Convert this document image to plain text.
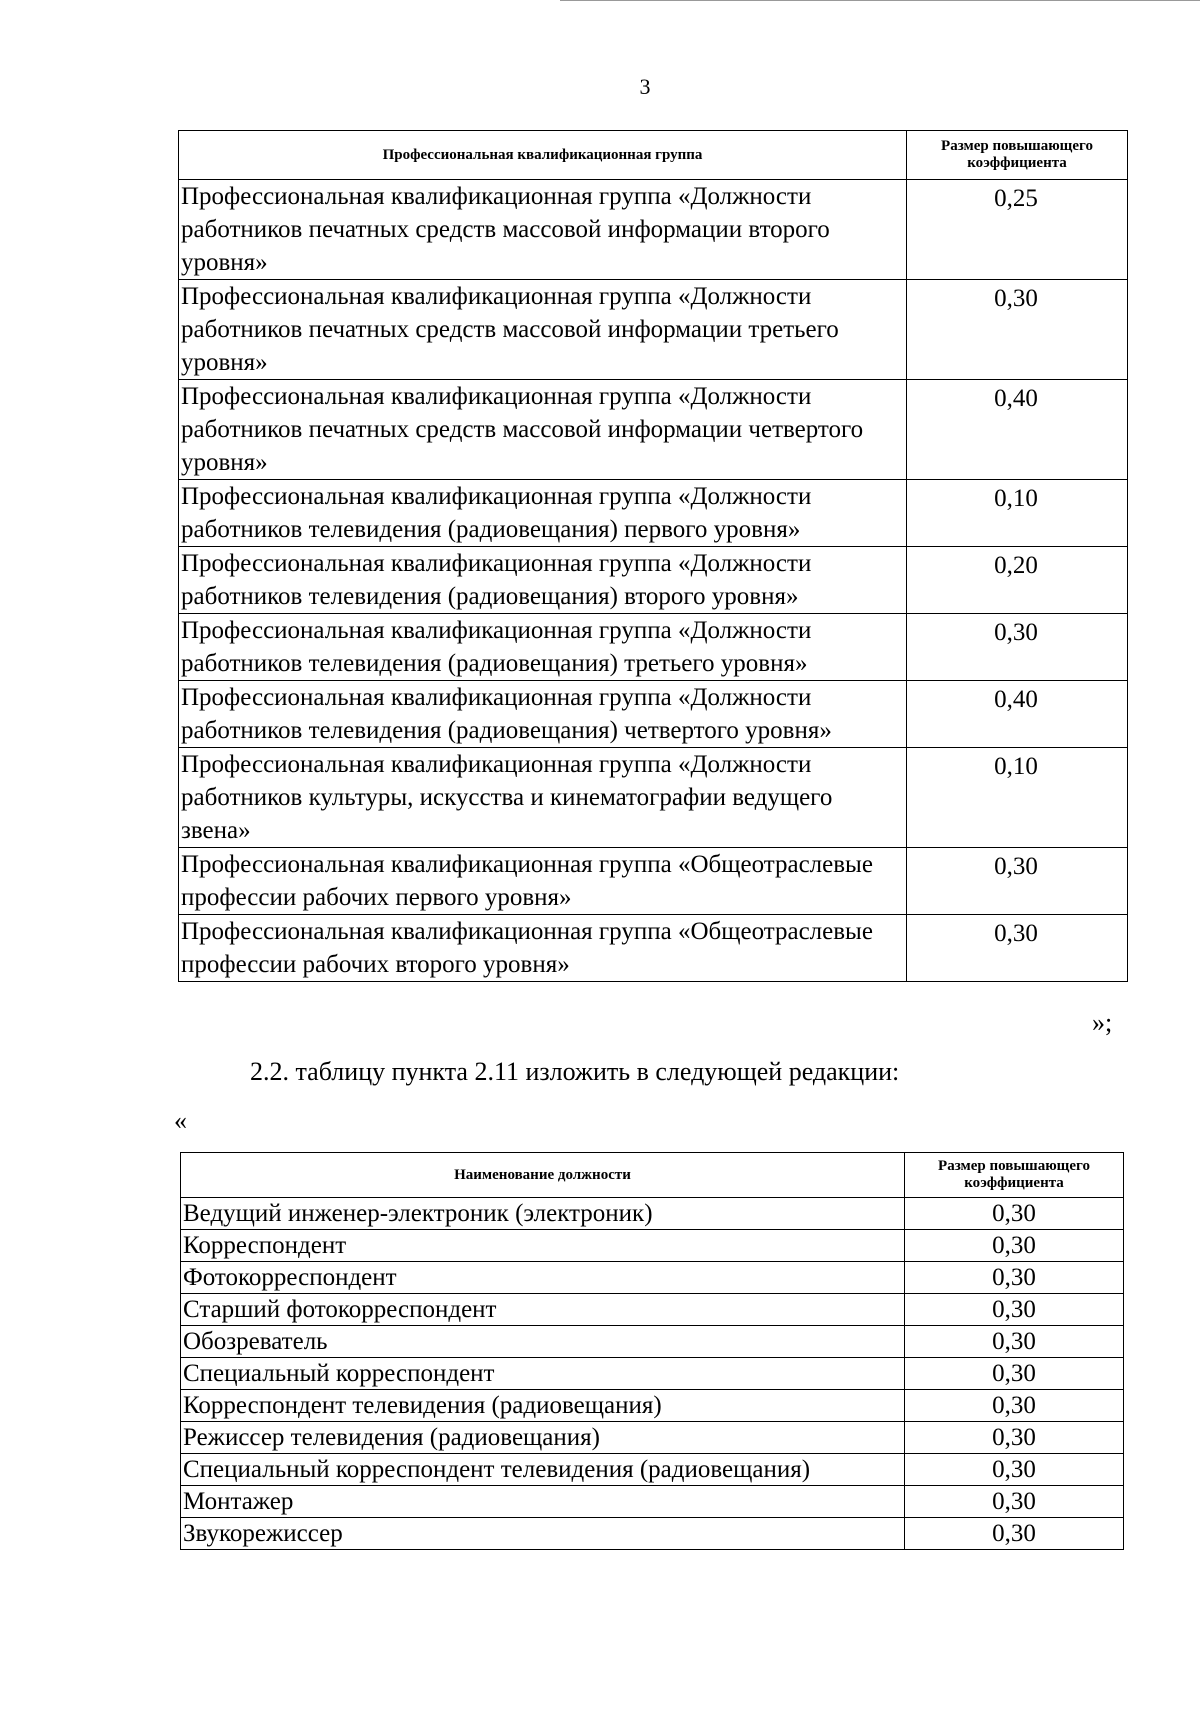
3
Профессиональная квалификационная группа	Размер повышающего коэффициента
Профессиональная квалификационная группа «Должности работников печатных средств массовой информации второго уровня»	0,25
Профессиональная квалификационная группа «Должности работников печатных средств массовой информации третьего уровня»	0,30
Профессиональная квалификационная группа «Должности работников печатных средств массовой информации четвертого уровня»	0,40
Профессиональная квалификационная группа «Должности работников телевидения (радиовещания) первого уровня»	0,10
Профессиональная квалификационная группа «Должности работников телевидения (радиовещания) второго уровня»	0,20
Профессиональная квалификационная группа «Должности работников телевидения (радиовещания) третьего уровня»	0,30
Профессиональная квалификационная группа «Должности работников телевидения (радиовещания) четвертого уровня»	0,40
Профессиональная квалификационная группа «Должности работников культуры, искусства и кинематографии ведущего звена»	0,10
Профессиональная квалификационная группа «Общеотраслевые профессии рабочих первого уровня»	0,30
Профессиональная квалификационная группа «Общеотраслевые профессии рабочих второго уровня»	0,30
»;
2.2. таблицу пункта 2.11 изложить в следующей редакции:
«
Наименование должности	Размер повышающего коэффициента
Ведущий инженер-электроник (электроник)	0,30
Корреспондент	0,30
Фотокорреспондент	0,30
Старший фотокорреспондент	0,30
Обозреватель	0,30
Специальный корреспондент	0,30
Корреспондент телевидения (радиовещания)	0,30
Режиссер телевидения (радиовещания)	0,30
Специальный корреспондент телевидения (радиовещания)	0,30
Монтажер	0,30
Звукорежиссер	0,30
